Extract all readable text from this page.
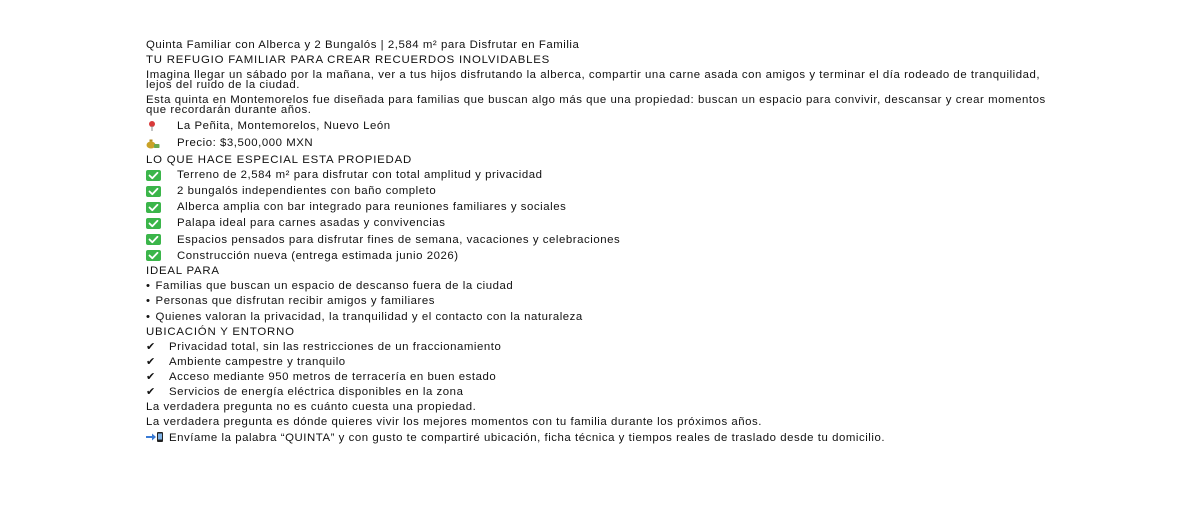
Quinta Familiar con Alberca y 2 Bungalós | 2,584 m² para Disfrutar en Familia
TU REFUGIO FAMILIAR PARA CREAR RECUERDOS INOLVIDABLES
Imagina llegar un sábado por la mañana, ver a tus hijos disfrutando la alberca, compartir una carne asada con amigos y terminar el día rodeado de tranquilidad, lejos del ruido de la ciudad.
Esta quinta en Montemorelos fue diseñada para familias que buscan algo más que una propiedad: buscan un espacio para convivir, descansar y crear momentos que recordarán durante años.
La Peñita, Montemorelos, Nuevo León
Precio: $3,500,000 MXN
LO QUE HACE ESPECIAL ESTA PROPIEDAD
Terreno de 2,584 m² para disfrutar con total amplitud y privacidad
2 bungalós independientes con baño completo
Alberca amplia con bar integrado para reuniones familiares y sociales
Palapa ideal para carnes asadas y convivencias
Espacios pensados para disfrutar fines de semana, vacaciones y celebraciones
Construcción nueva (entrega estimada junio 2026)
IDEAL PARA
• Familias que buscan un espacio de descanso fuera de la ciudad
• Personas que disfrutan recibir amigos y familiares
• Quienes valoran la privacidad, la tranquilidad y el contacto con la naturaleza
UBICACIÓN Y ENTORNO
✔	Privacidad total, sin las restricciones de un fraccionamiento
✔	Ambiente campestre y tranquilo
✔	Acceso mediante 950 metros de terracería en buen estado
✔	Servicios de energía eléctrica disponibles en la zona
La verdadera pregunta no es cuánto cuesta una propiedad.
La verdadera pregunta es dónde quieres vivir los mejores momentos con tu familia durante los próximos años.
Envíame la palabra “QUINTA” y con gusto te compartiré ubicación, ficha técnica y tiempos reales de traslado desde tu domicilio.
